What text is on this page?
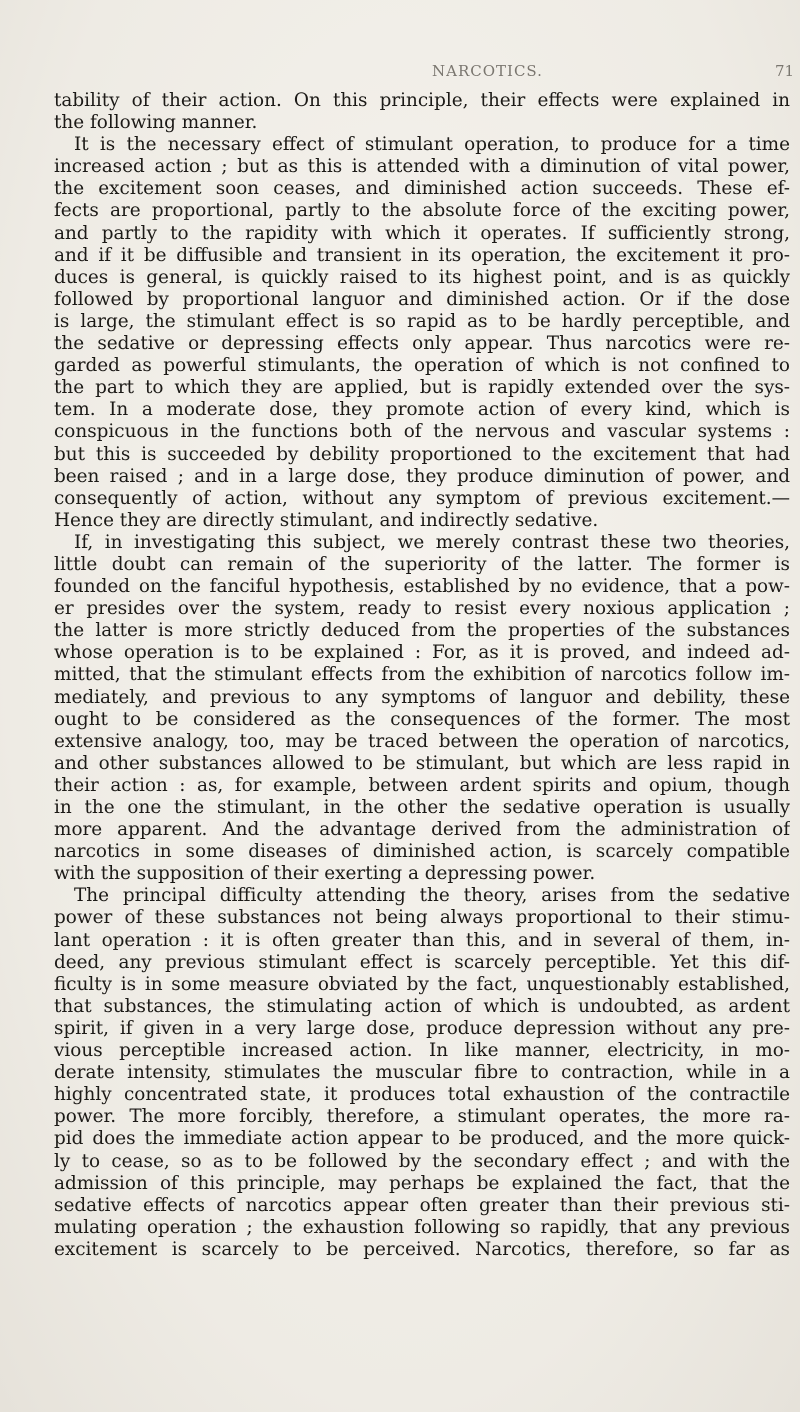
NARCOTICS.	71
tability of their action. On this principle, their effects were explained in
the following manner.
It is the necessary effect of stimulant operation, to produce for a time
increased action ; but as this is attended with a diminution of vital power,
the excitement soon ceases, and diminished action succeeds. These ef-
fects are proportional, partly to the absolute force of the exciting power,
and partly to the rapidity with which it operates. If sufficiently strong,
and if it be diffusible and transient in its operation, the excitement it pro-
duces is general, is quickly raised to its highest point, and is as quickly
followed by proportional languor and diminished action. Or if the dose
is large, the stimulant effect is so rapid as to be hardly perceptible, and
the sedative or depressing effects only appear. Thus narcotics were re-
garded as powerful stimulants, the operation of which is not confined to
the part to which they are applied, but is rapidly extended over the sys-
tem. In a moderate dose, they promote action of every kind, which is
conspicuous in the functions both of the nervous and vascular systems :
but this is succeeded by debility proportioned to the excitement that had
been raised ; and in a large dose, they produce diminution of power, and
consequently of action, without any symptom of previous excitement.—
Hence they are directly stimulant, and indirectly sedative.
If, in investigating this subject, we merely contrast these two theories,
little doubt can remain of the superiority of the latter. The former is
founded on the fanciful hypothesis, established by no evidence, that a pow-
er presides over the system, ready to resist every noxious application ;
the latter is more strictly deduced from the properties of the substances
whose operation is to be explained : For, as it is proved, and indeed ad-
mitted, that the stimulant effects from the exhibition of narcotics follow im-
mediately, and previous to any symptoms of languor and debility, these
ought to be considered as the consequences of the former. The most
extensive analogy, too, may be traced between the operation of narcotics,
and other substances allowed to be stimulant, but which are less rapid in
their action : as, for example, between ardent spirits and opium, though
in the one the stimulant, in the other the sedative operation is usually
more apparent. And the advantage derived from the administration of
narcotics in some diseases of diminished action, is scarcely compatible
with the supposition of their exerting a depressing power.
The principal difficulty attending the theory, arises from the sedative
power of these substances not being always proportional to their stimu-
lant operation : it is often greater than this, and in several of them, in-
deed, any previous stimulant effect is scarcely perceptible. Yet this dif-
ficulty is in some measure obviated by the fact, unquestionably established,
that substances, the stimulating action of which is undoubted, as ardent
spirit, if given in a very large dose, produce depression without any pre-
vious perceptible increased action. In like manner, electricity, in mo-
derate intensity, stimulates the muscular fibre to contraction, while in a
highly concentrated state, it produces total exhaustion of the contractile
power. The more forcibly, therefore, a stimulant operates, the more ra-
pid does the immediate action appear to be produced, and the more quick-
ly to cease, so as to be followed by the secondary effect ; and with the
admission of this principle, may perhaps be explained the fact, that the
sedative effects of narcotics appear often greater than their previous sti-
mulating operation ; the exhaustion following so rapidly, that any previous
excitement is scarcely to be perceived. Narcotics, therefore, so far as
